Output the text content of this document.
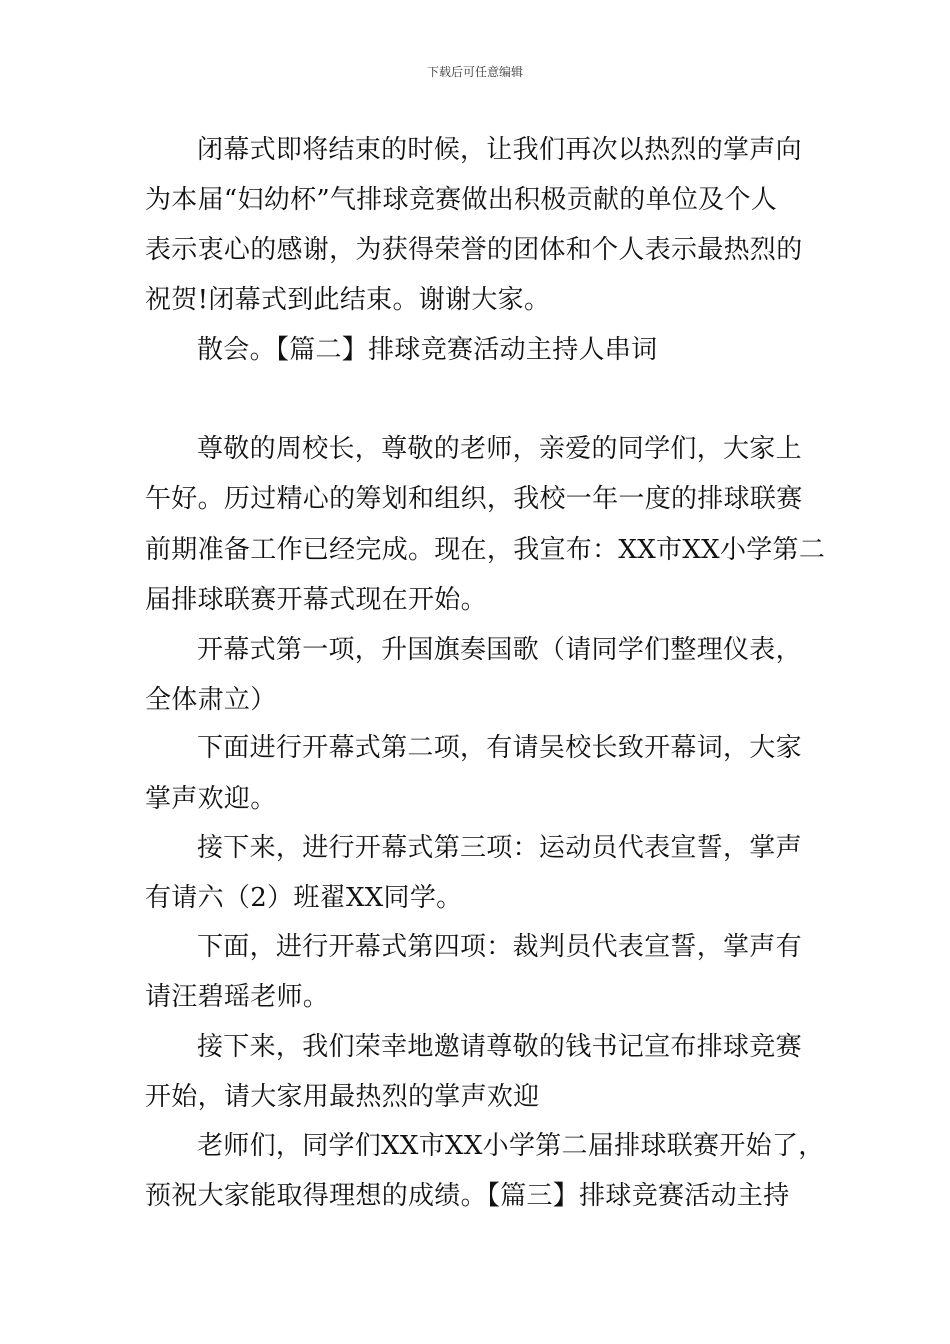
下载后可任意编辑
闭幕式即将结束的时候，让我们再次以热烈的掌声向
为本届“妇幼杯”气排球竞赛做出积极贡献的单位及个人
表示衷心的感谢，为获得荣誉的团体和个人表示最热烈的
祝贺!闭幕式到此结束。谢谢大家。
散会。【篇二】排球竞赛活动主持人串词
尊敬的周校长，尊敬的老师，亲爱的同学们，大家上
午好。历过精心的筹划和组织，我校一年一度的排球联赛
前期准备工作已经完成。现在，我宣布：XX市XX小学第二
届排球联赛开幕式现在开始。
开幕式第一项，升国旗奏国歌（请同学们整理仪表，
全体肃立）
下面进行开幕式第二项，有请吴校长致开幕词，大家
掌声欢迎。
接下来，进行开幕式第三项：运动员代表宣誓，掌声
有请六（2）班翟XX同学。
下面，进行开幕式第四项：裁判员代表宣誓，掌声有
请汪碧瑶老师。
接下来，我们荣幸地邀请尊敬的钱书记宣布排球竞赛
开始，请大家用最热烈的掌声欢迎
老师们，同学们XX市XX小学第二届排球联赛开始了，
预祝大家能取得理想的成绩。【篇三】排球竞赛活动主持
